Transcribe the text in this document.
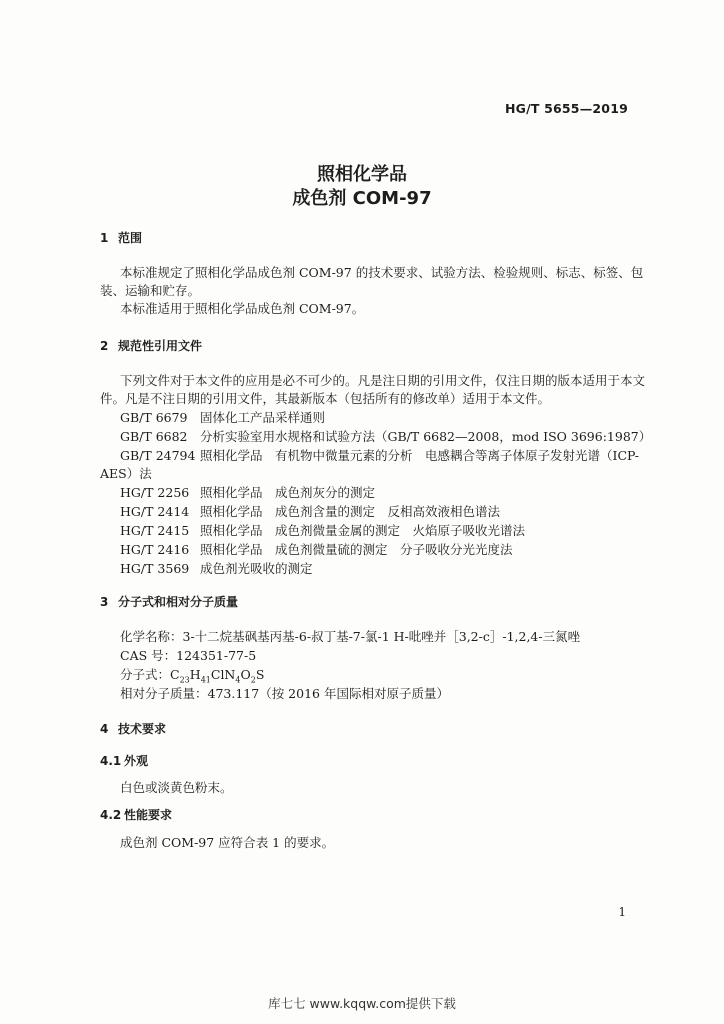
HG/T 5655—2019
照相化学品
成色剂 COM-97
1 范围
本标准规定了照相化学品成色剂 COM-97 的技术要求、试验方法、检验规则、标志、标签、包
装、运输和贮存。
本标准适用于照相化学品成色剂 COM-97。
2 规范性引用文件
下列文件对于本文件的应用是必不可少的。凡是注日期的引用文件，仅注日期的版本适用于本文
件。凡是不注日期的引用文件，其最新版本（包括所有的修改单）适用于本文件。
GB/T 6679 固体化工产品采样通则
GB/T 6682 分析实验室用水规格和试验方法（GB/T 6682—2008，mod ISO 3696:1987）
GB/T 24794 照相化学品　有机物中微量元素的分析　电感耦合等离子体原子发射光谱（ICP-
AES）法
HG/T 2256 照相化学品　成色剂灰分的测定
HG/T 2414 照相化学品　成色剂含量的测定　反相高效液相色谱法
HG/T 2415 照相化学品　成色剂微量金属的测定　火焰原子吸收光谱法
HG/T 2416 照相化学品　成色剂微量硫的测定　分子吸收分光光度法
HG/T 3569 成色剂光吸收的测定
3 分子式和相对分子质量
化学名称：3-十二烷基砜基丙基-6-叔丁基-7-氯-1 H-吡唑并［3,2-c］-1,2,4-三氮唑
CAS 号：124351-77-5
分子式：$C_{23}H_{41}ClN_4O_2S$
相对分子质量：473.117（按 2016 年国际相对原子质量）
4 技术要求
4.1 外观
白色或淡黄色粉末。
4.2 性能要求
成色剂 COM-97 应符合表 1 的要求。
1
库七七 www.kqqw.com提供下载
